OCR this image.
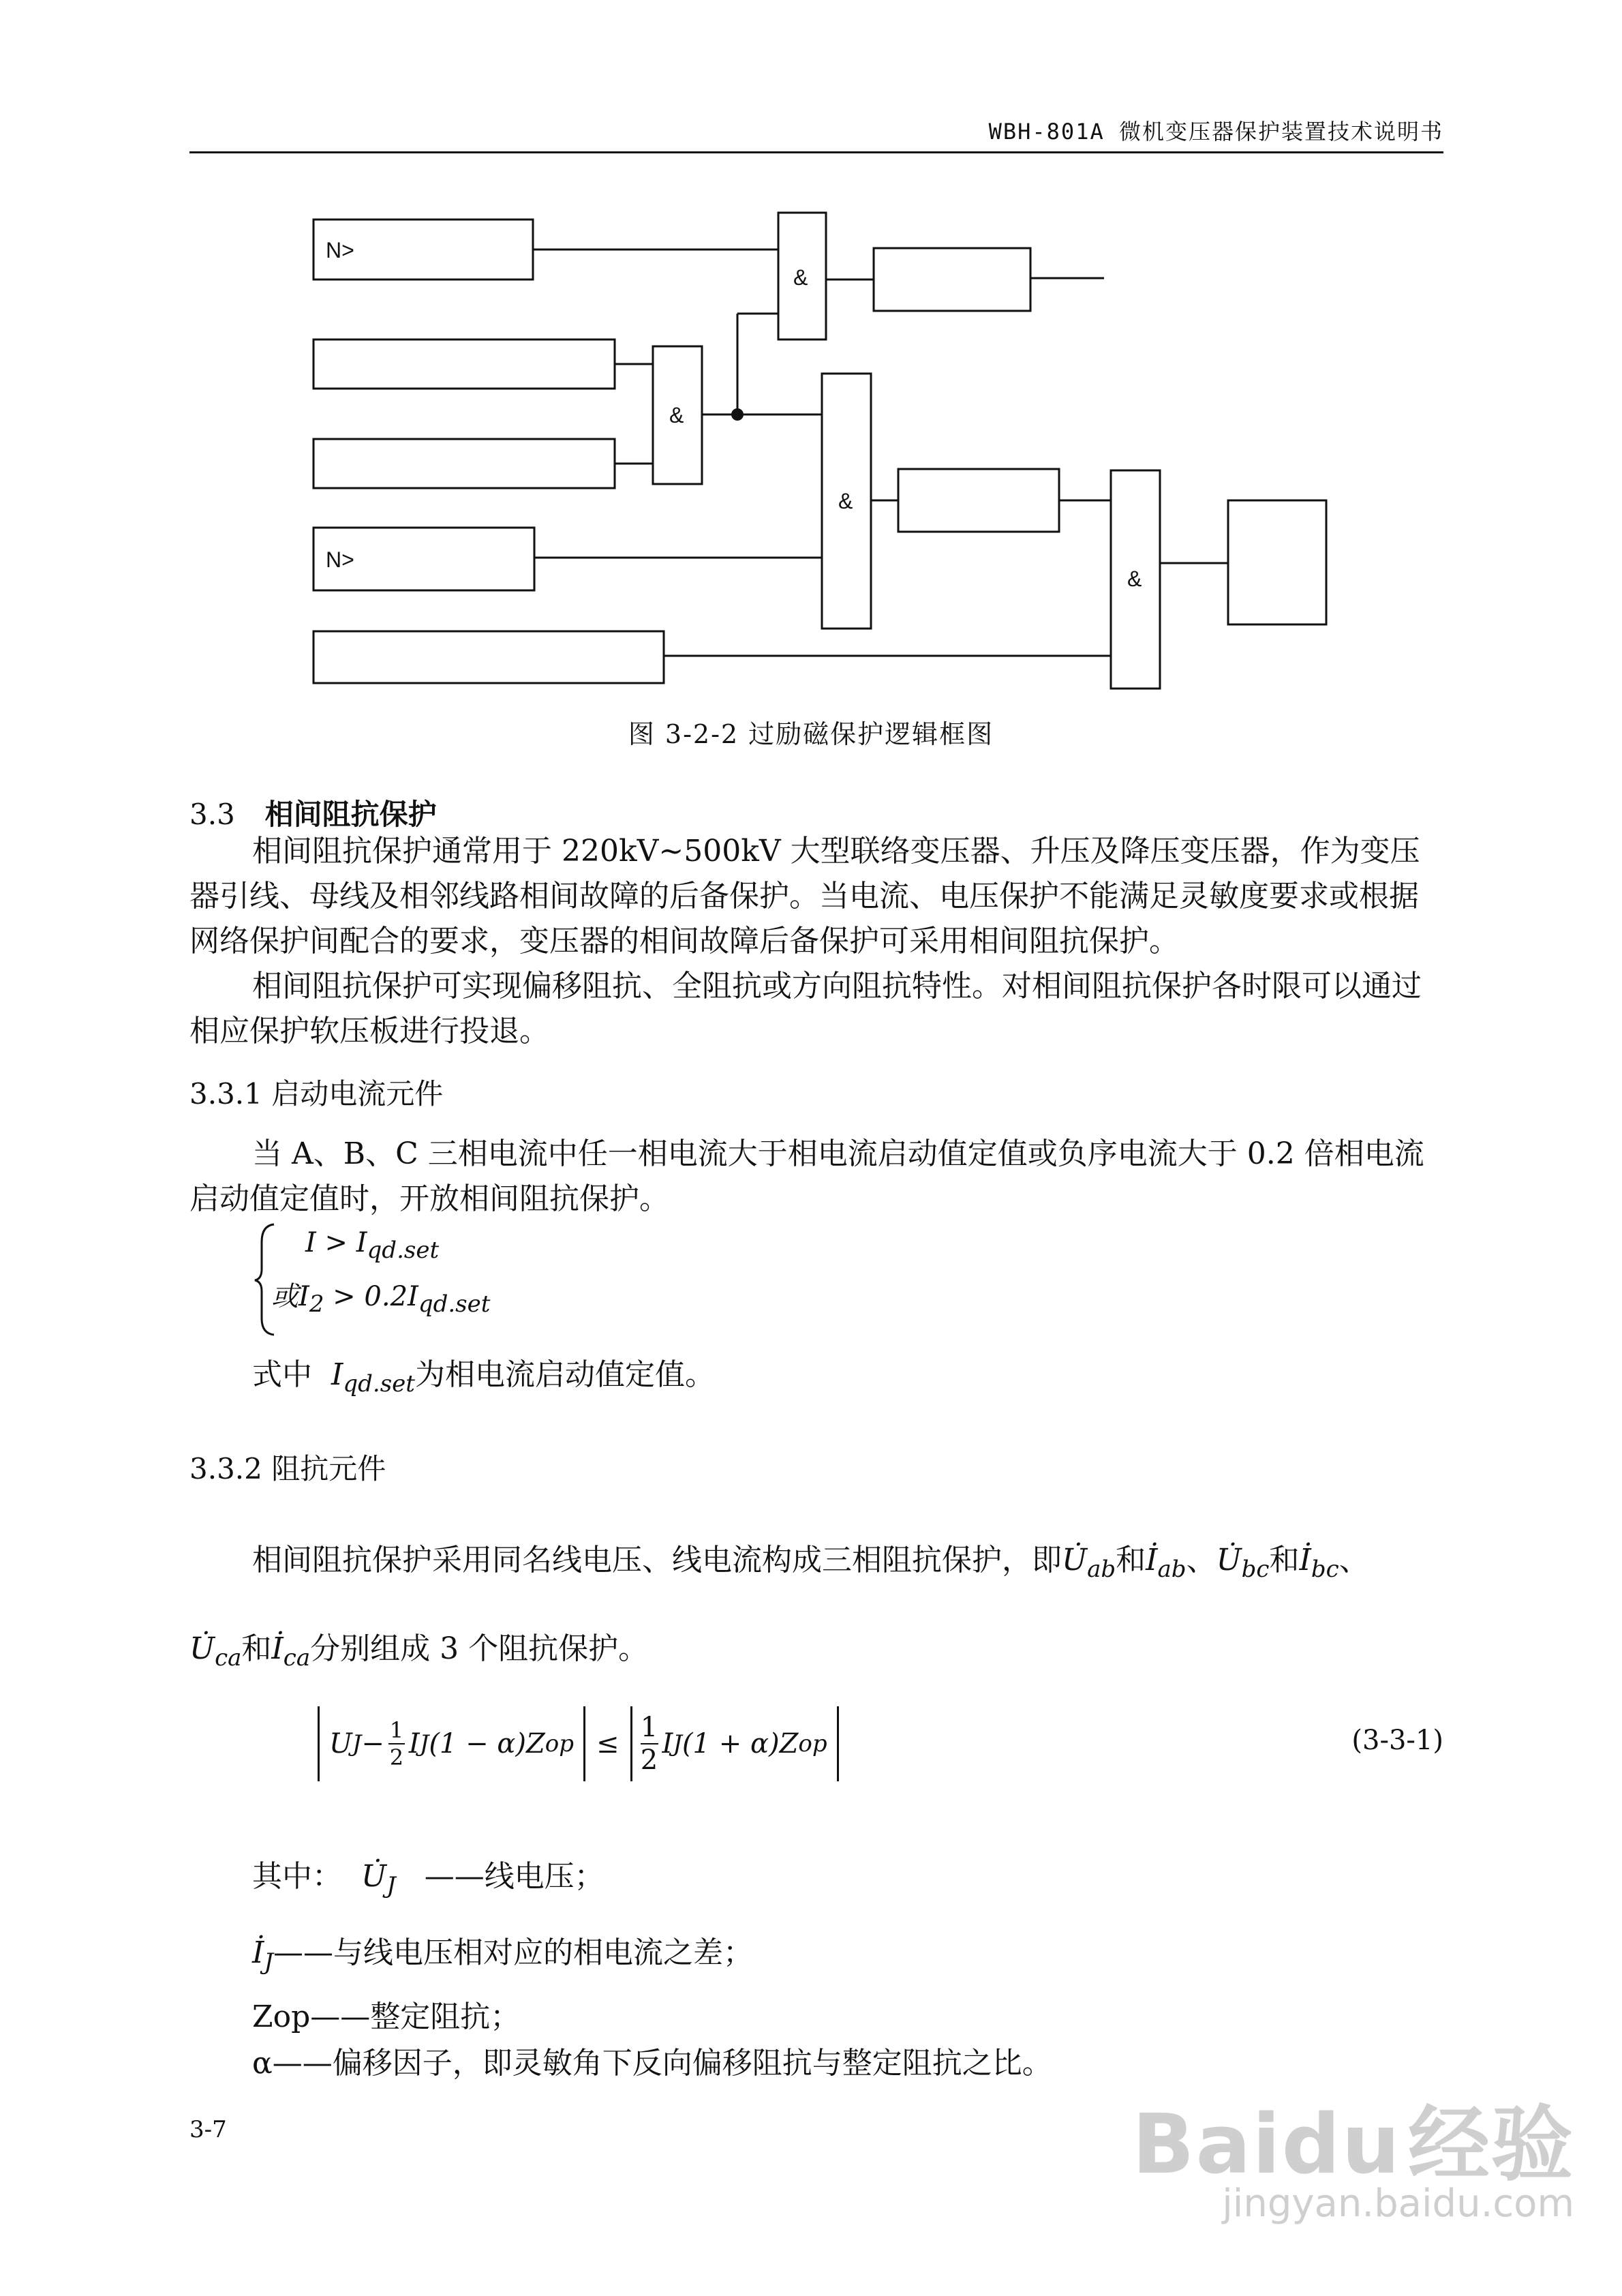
WBH-801A 微机变压器保护装置技术说明书
N>
N>
&
&
&
&
图 3-2-2 过励磁保护逻辑框图
3.3 相间阻抗保护
相间阻抗保护通常用于 220kV~500kV 大型联络变压器、升压及降压变压器，作为变压器引线、母线及相邻线路相间故障的后备保护。当电流、电压保护不能满足灵敏度要求或根据网络保护间配合的要求，变压器的相间故障后备保护可采用相间阻抗保护。
相间阻抗保护可实现偏移阻抗、全阻抗或方向阻抗特性。对相间阻抗保护各时限可以通过相应保护软压板进行投退。
3.3.1 启动电流元件
当 A、B、C 三相电流中任一相电流大于相电流启动值定值或负序电流大于 0.2 倍相电流启动值定值时，开放相间阻抗保护。
$I > I_{qd.set}$
或$I_2 > 0.2I_{qd.set}$
式中 $I_{qd.set}$为相电流启动值定值。
3.3.2 阻抗元件
相间阻抗保护采用同名线电压、线电流构成三相阻抗保护，即$U̇_{ab}$和$İ_{ab}$、$U̇_{bc}$和$İ_{bc}$、
$U̇_{ca}$和$İ_{ca}$分别组成 3 个阻抗保护。
U J − 1
2 I J (1 − α)Z op ≤
1
2
I J (1 + α)Z op	(3-3-1)
其中： $U̇_J$ ——线电压；
$İ_J——$与线电压相对应的相电流之差；
Zop——整定阻抗；
α——偏移因子，即灵敏角下反向偏移阻抗与整定阻抗之比。
3-7	Baidu经验
jingyan.baidu.com
